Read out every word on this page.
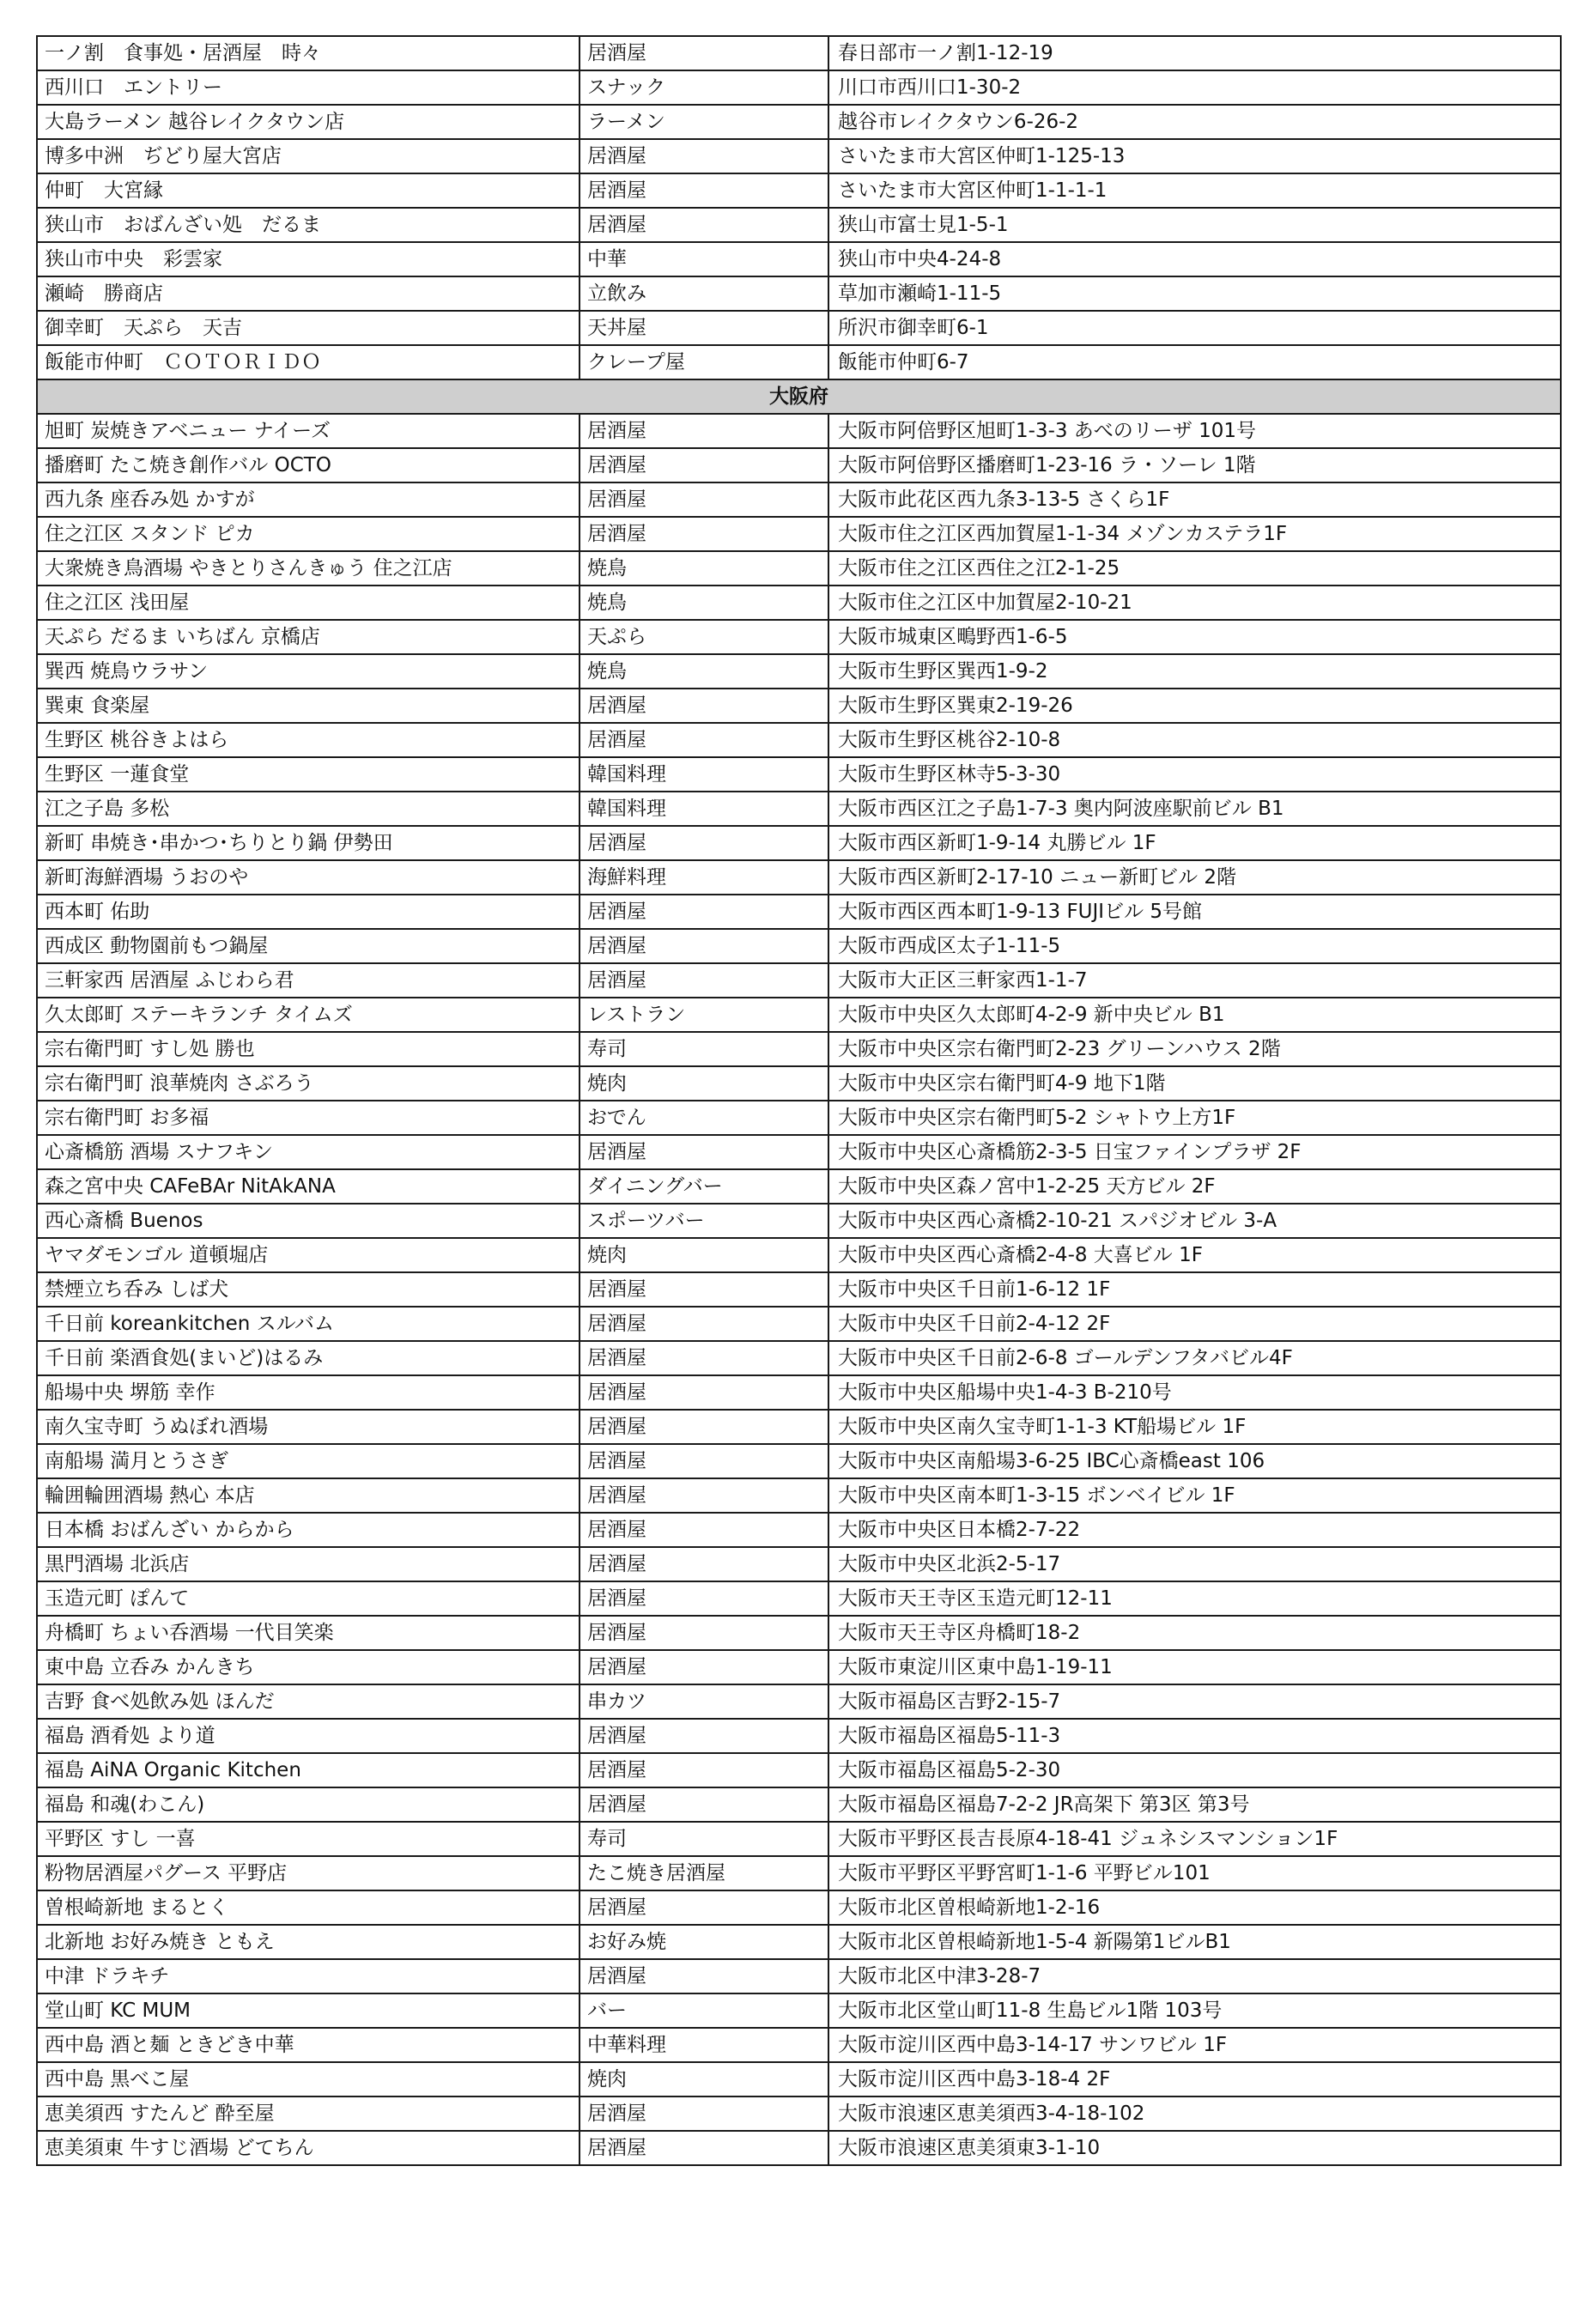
一ノ割　食事処・居酒屋　時々	居酒屋	春日部市一ノ割1-12-19
西川口　エントリー	スナック	川口市西川口1-30-2
大島ラーメン 越谷レイクタウン店	ラーメン	越谷市レイクタウン6-26-2
博多中洲　ぢどり屋大宮店	居酒屋	さいたま市大宮区仲町1-125-13
仲町　大宮縁	居酒屋	さいたま市大宮区仲町1-1-1-1
狭山市　おばんざい処　だるま	居酒屋	狭山市富士見1-5-1
狭山市中央　彩雲家	中華	狭山市中央4-24-8
瀬崎　勝商店	立飲み	草加市瀬崎1-11-5
御幸町　天ぷら　天吉	天丼屋	所沢市御幸町6-1
飯能市仲町　ＣＯＴＯＲＩＤＯ	クレープ屋	飯能市仲町6-7
大阪府		
旭町 炭焼きアベニュー ナイーズ	居酒屋	大阪市阿倍野区旭町1-3-3 あべのリーザ 101号
播磨町 たこ焼き創作バル OCTO	居酒屋	大阪市阿倍野区播磨町1-23-16 ラ・ソーレ 1階
西九条 座呑み処 かすが	居酒屋	大阪市此花区西九条3-13-5 さくら1F
住之江区 スタンド ピカ	居酒屋	大阪市住之江区西加賀屋1-1-34 メゾンカステラ1F
大衆焼き鳥酒場 やきとりさんきゅう 住之江店	焼鳥	大阪市住之江区西住之江2-1-25
住之江区 浅田屋	焼鳥	大阪市住之江区中加賀屋2-10-21
天ぷら だるま いちばん 京橋店	天ぷら	大阪市城東区鴫野西1-6-5
巽西 焼鳥ウラサン	焼鳥	大阪市生野区巽西1-9-2
巽東 食楽屋	居酒屋	大阪市生野区巽東2-19-26
生野区 桃谷きよはら	居酒屋	大阪市生野区桃谷2-10-8
生野区 一蓮食堂	韓国料理	大阪市生野区林寺5-3-30
江之子島 多松	韓国料理	大阪市西区江之子島1-7-3 奥内阿波座駅前ビル B1
新町 串焼き･串かつ･ちりとり鍋 伊勢田	居酒屋	大阪市西区新町1-9-14 丸勝ビル 1F
新町海鮮酒場 うおのや	海鮮料理	大阪市西区新町2-17-10 ニュー新町ビル 2階
西本町 佑助	居酒屋	大阪市西区西本町1-9-13 FUJIビル 5号館
西成区 動物園前もつ鍋屋	居酒屋	大阪市西成区太子1-11-5
三軒家西 居酒屋 ふじわら君	居酒屋	大阪市大正区三軒家西1-1-7
久太郎町 ステーキランチ タイムズ	レストラン	大阪市中央区久太郎町4-2-9 新中央ビル B1
宗右衛門町 すし処 勝也	寿司	大阪市中央区宗右衛門町2-23 グリーンハウス 2階
宗右衛門町 浪華焼肉 さぶろう	焼肉	大阪市中央区宗右衛門町4-9 地下1階
宗右衛門町 お多福	おでん	大阪市中央区宗右衛門町5-2 シャトウ上方1F
心斎橋筋 酒場 スナフキン	居酒屋	大阪市中央区心斎橋筋2-3-5 日宝ファインプラザ 2F
森之宮中央 CAFeBAr NitAkANA	ダイニングバー	大阪市中央区森ノ宮中1-2-25 天方ビル 2F
西心斎橋 Buenos	スポーツバー	大阪市中央区西心斎橋2-10-21 スパジオビル 3-A
ヤマダモンゴル 道頓堀店	焼肉	大阪市中央区西心斎橋2-4-8 大喜ビル 1F
禁煙立ち呑み しば犬	居酒屋	大阪市中央区千日前1-6-12 1F
千日前 koreankitchen スルバム	居酒屋	大阪市中央区千日前2-4-12 2F
千日前 楽酒食処(まいど)はるみ	居酒屋	大阪市中央区千日前2-6-8 ゴールデンフタバビル4F
船場中央 堺筋 幸作	居酒屋	大阪市中央区船場中央1-4-3 B-210号
南久宝寺町 うぬぼれ酒場	居酒屋	大阪市中央区南久宝寺町1-1-3 KT船場ビル 1F
南船場 満月とうさぎ	居酒屋	大阪市中央区南船場3-6-25 IBC心斎橋east 106
輪囲輪囲酒場 熱心 本店	居酒屋	大阪市中央区南本町1-3-15 ボンベイビル 1F
日本橋 おばんざい からから	居酒屋	大阪市中央区日本橋2-7-22
黒門酒場 北浜店	居酒屋	大阪市中央区北浜2-5-17
玉造元町 ぽんて	居酒屋	大阪市天王寺区玉造元町12-11
舟橋町 ちょい呑酒場 一代目笑楽	居酒屋	大阪市天王寺区舟橋町18-2
東中島 立呑み かんきち	居酒屋	大阪市東淀川区東中島1-19-11
吉野 食べ処飲み処 ほんだ	串カツ	大阪市福島区吉野2-15-7
福島 酒肴処 より道	居酒屋	大阪市福島区福島5-11-3
福島 AiNA Organic Kitchen	居酒屋	大阪市福島区福島5-2-30
福島 和魂(わこん)	居酒屋	大阪市福島区福島7-2-2 JR高架下 第3区 第3号
平野区 すし 一喜	寿司	大阪市平野区長吉長原4-18-41 ジュネシスマンション1F
粉物居酒屋パグース 平野店	たこ焼き居酒屋	大阪市平野区平野宮町1-1-6 平野ビル101
曽根崎新地 まるとく	居酒屋	大阪市北区曽根崎新地1-2-16
北新地 お好み焼き ともえ	お好み焼	大阪市北区曽根崎新地1-5-4 新陽第1ビルB1
中津 ドラキチ	居酒屋	大阪市北区中津3-28-7
堂山町 KC MUM	バー	大阪市北区堂山町11-8 生島ビル1階 103号
西中島 酒と麺 ときどき中華	中華料理	大阪市淀川区西中島3-14-17 サンワビル 1F
西中島 黒べこ屋	焼肉	大阪市淀川区西中島3-18-4 2F
恵美須西 すたんど 酔至屋	居酒屋	大阪市浪速区恵美須西3-4-18-102
恵美須東 牛すじ酒場 どてちん	居酒屋	大阪市浪速区恵美須東3-1-10
